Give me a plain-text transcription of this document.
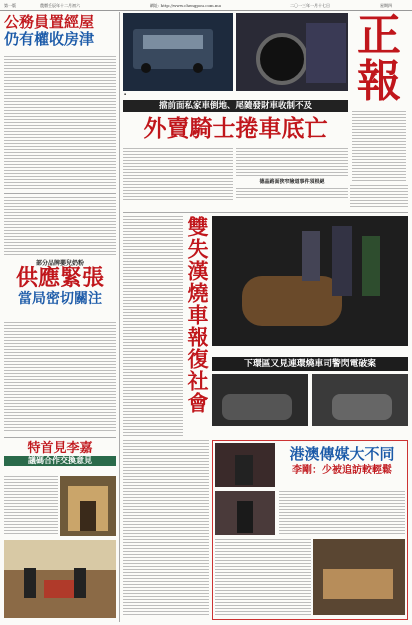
第一版	農曆壬辰年十二月初六	網址: http://www.chengpou.com.mo	二〇一三年一月十七日	星期四
公務員置經屋
仍有權收房津
部分品牌嬰兒奶粉
供應緊張
當局密切關注
特首見李嘉
議碼合作交換意見
▪
正
報
擋前面私家車倒地、尾隨發財車收制不及
外賣騎士捲車底亡
德晶路面狹窄險道事件須根絕
雙失漢燒車報復社會	下環區又見連環燒車司警閃電破案
港澳傳媒大不同
李剛：少被追訪較輕鬆
